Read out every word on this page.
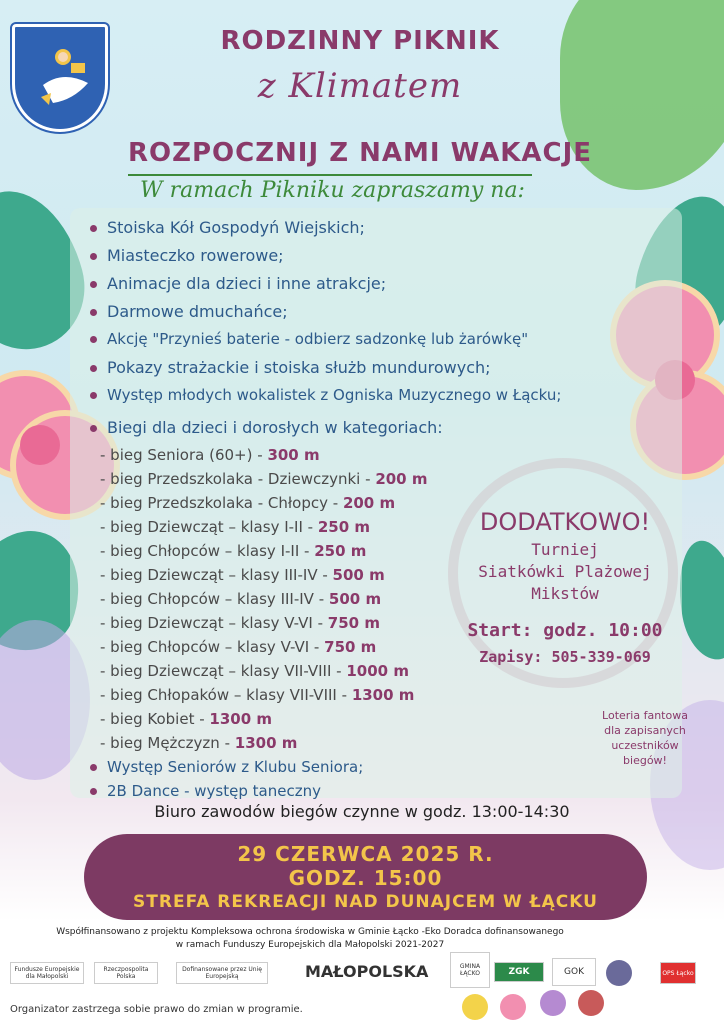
RODZINNY PIKNIK
z Klimatem
ROZPOCZNIJ Z NAMI WAKACJE
W ramach Pikniku zapraszamy na:
Stoiska Kół Gospodyń Wiejskich;
Miasteczko rowerowe;
Animacje dla dzieci i inne atrakcje;
Darmowe dmuchańce;
Akcję "Przynieś baterie - odbierz sadzonkę lub żarówkę"
Pokazy strażackie i stoiska służb mundurowych;
Występ młodych wokalistek z Ogniska Muzycznego w Łącku;
Biegi dla dzieci i dorosłych w kategoriach:
- bieg Seniora (60+) - 300 m
- bieg Przedszkolaka - Dziewczynki - 200 m
- bieg Przedszkolaka - Chłopcy - 200 m
- bieg Dziewcząt – klasy I-II - 250 m
- bieg Chłopców – klasy I-II - 250 m
- bieg Dziewcząt – klasy III-IV - 500 m
- bieg Chłopców – klasy III-IV - 500 m
- bieg Dziewcząt – klasy V-VI - 750 m
- bieg Chłopców – klasy V-VI - 750 m
- bieg Dziewcząt – klasy VII-VIII - 1000 m
- bieg Chłopaków – klasy VII-VIII - 1300 m
- bieg Kobiet - 1300 m
- bieg Mężczyzn - 1300 m
Występ Seniorów z Klubu Seniora;
2B Dance - występ taneczny
DODATKOWO!
Turniej
Siatkówki Plażowej
Mikstów
Start: godz. 10:00
Zapisy: 505-339-069
Loteria fantowa
dla zapisanych
uczestników
biegów!
Biuro zawodów biegów czynne w godz. 13:00-14:30
29 CZERWCA 2025 R.
GODZ. 15:00
STREFA REKREACJI NAD DUNAJCEM W ŁĄCKU
Współfinansowano z projektu Kompleksowa ochrona środowiska w Gminie Łącko -Eko Doradca dofinansowanego
w ramach Funduszy Europejskich dla Małopolski 2021-2027
Fundusze Europejskie dla Małopolski
Rzeczpospolita Polska
Dofinansowane przez Unię Europejską	MAŁOPOLSKA	GMINA ŁĄCKO	ZGK	GOK	OPS Łącko
Organizator zastrzega sobie prawo do zmian w programie.
